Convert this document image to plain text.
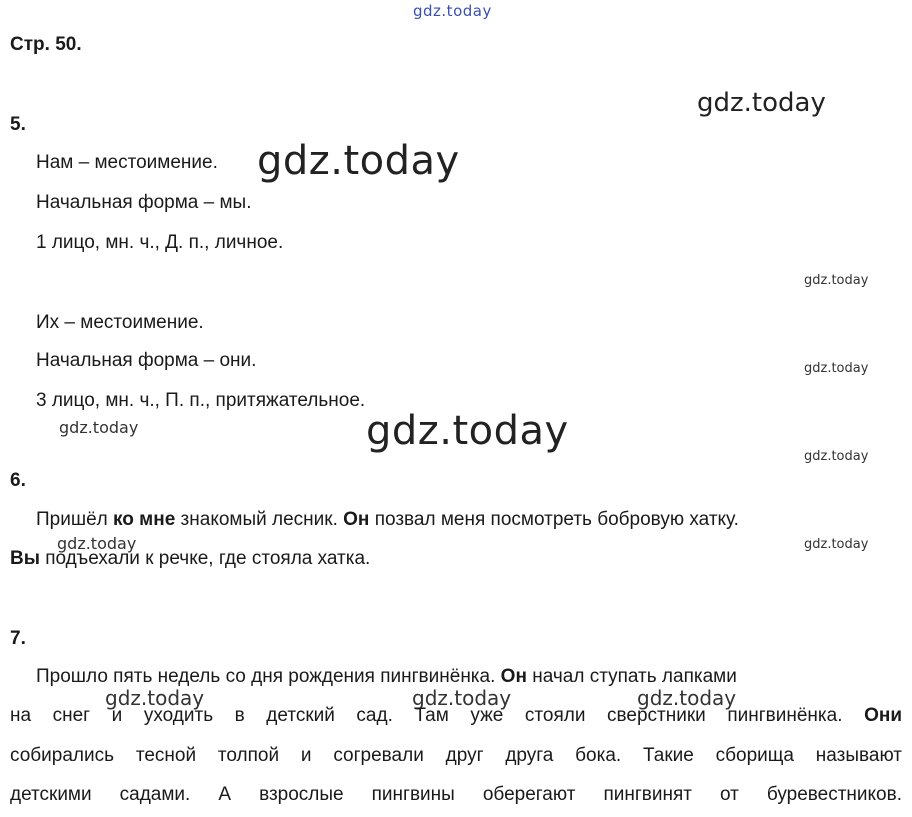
gdz.today
gdz.today
gdz.today
gdz.today
gdz.today
gdz.today	gdz.today
gdz.today
gdz.today	gdz.today
gdz.today	gdz.today	gdz.today
Стр. 50.
5.
Нам – местоимение.
Начальная форма – мы.
1 лицо, мн. ч., Д. п., личное.
Их – местоимение.
Начальная форма – они.
3 лицо, мн. ч., П. п., притяжательное.
6.
Пришёл ко мне знакомый лесник. Он позвал меня посмотреть бобровую хатку.
Вы подъехали к речке, где стояла хатка.
7.
Прошло пять недель со дня рождения пингвинёнка. Он начал ступать лапками
на снег и уходить в детский сад. Там уже стояли сверстники пингвинёнка. Они
собирались тесной толпой и согревали друг друга бока. Такие сборища называют
детскими садами. А взрослые пингвины оберегают пингвинят от буревестников.
